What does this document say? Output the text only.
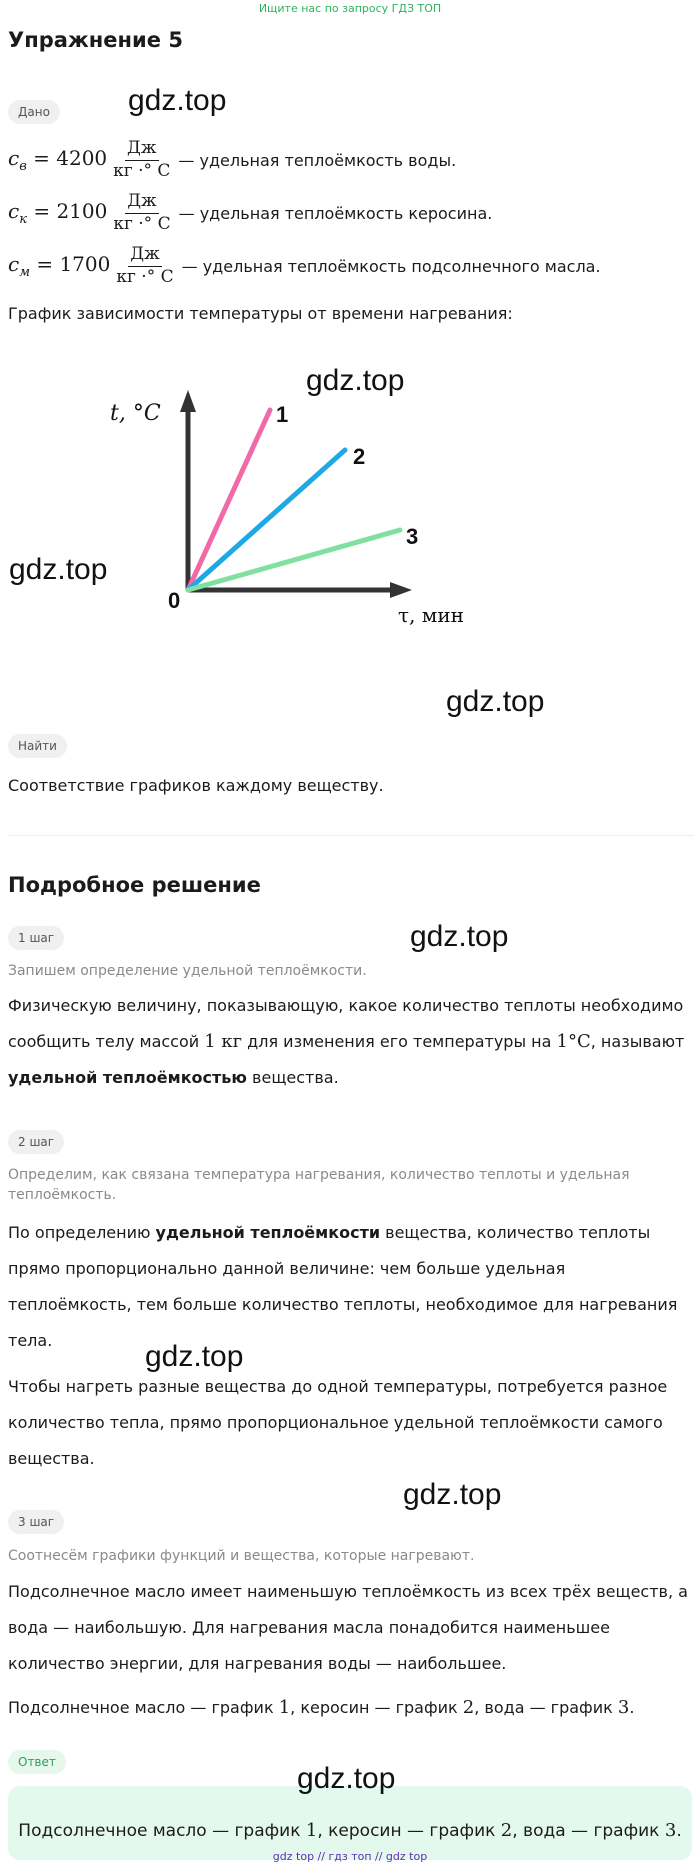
Ищите нас по запросу ГДЗ ТОП
Упражнение 5
gdz.top
Дано
$c_в = 4200 \frac{Дж}{кг \cdot^\circ C}$ — удельная теплоёмкость воды.
$c_к = 2100 \frac{Дж}{кг \cdot^\circ C}$ — удельная теплоёмкость керосина.
$c_м = 1700 \frac{Дж}{кг \cdot^\circ C}$ — удельная теплоёмкость подсолнечного масла.

График зависимости температуры от времени нагревания:

gdz.top
1
2
3
0
t, °C
τ, мин
gdz.top
gdz.top
Найти

Соответствие графиков каждому веществу.

Подробное решение
1 шаг	gdz.top
Запишем определение удельной теплоёмкости.

Физическую величину, показывающую, какое количество теплоты необходимо
сообщить телу массой 1 кг для изменения его температуры на 1°C, называют
удельной теплоёмкостью вещества.

2 шаг
Определим, как связана температура нагревания, количество теплоты и удельная теплоёмкость.

По определению удельной теплоёмкости вещества, количество теплоты прямо пропорционально данной величине: чем больше удельная теплоёмкость, тем больше количество теплоты, необходимое для нагревания тела.	gdz.top

Чтобы нагреть разные вещества до одной температуры, потребуется разное количество тепла, прямо пропорциональное удельной теплоёмкости самого вещества.

gdz.top
3 шаг
Соотнесём графики функций и вещества, которые нагревают.

Подсолнечное масло имеет наименьшую теплоёмкость из всех трёх веществ, а вода — наибольшую. Для нагревания масла понадобится наименьшее количество энергии, для нагревания воды — наибольшее.

Подсолнечное масло — график 1, керосин — график 2, вода — график 3.

Ответ
Подсолнечное масло — график 1, керосин — график 2, вода — график 3.
gdz.top
gdz top // гдз топ // gdz top
